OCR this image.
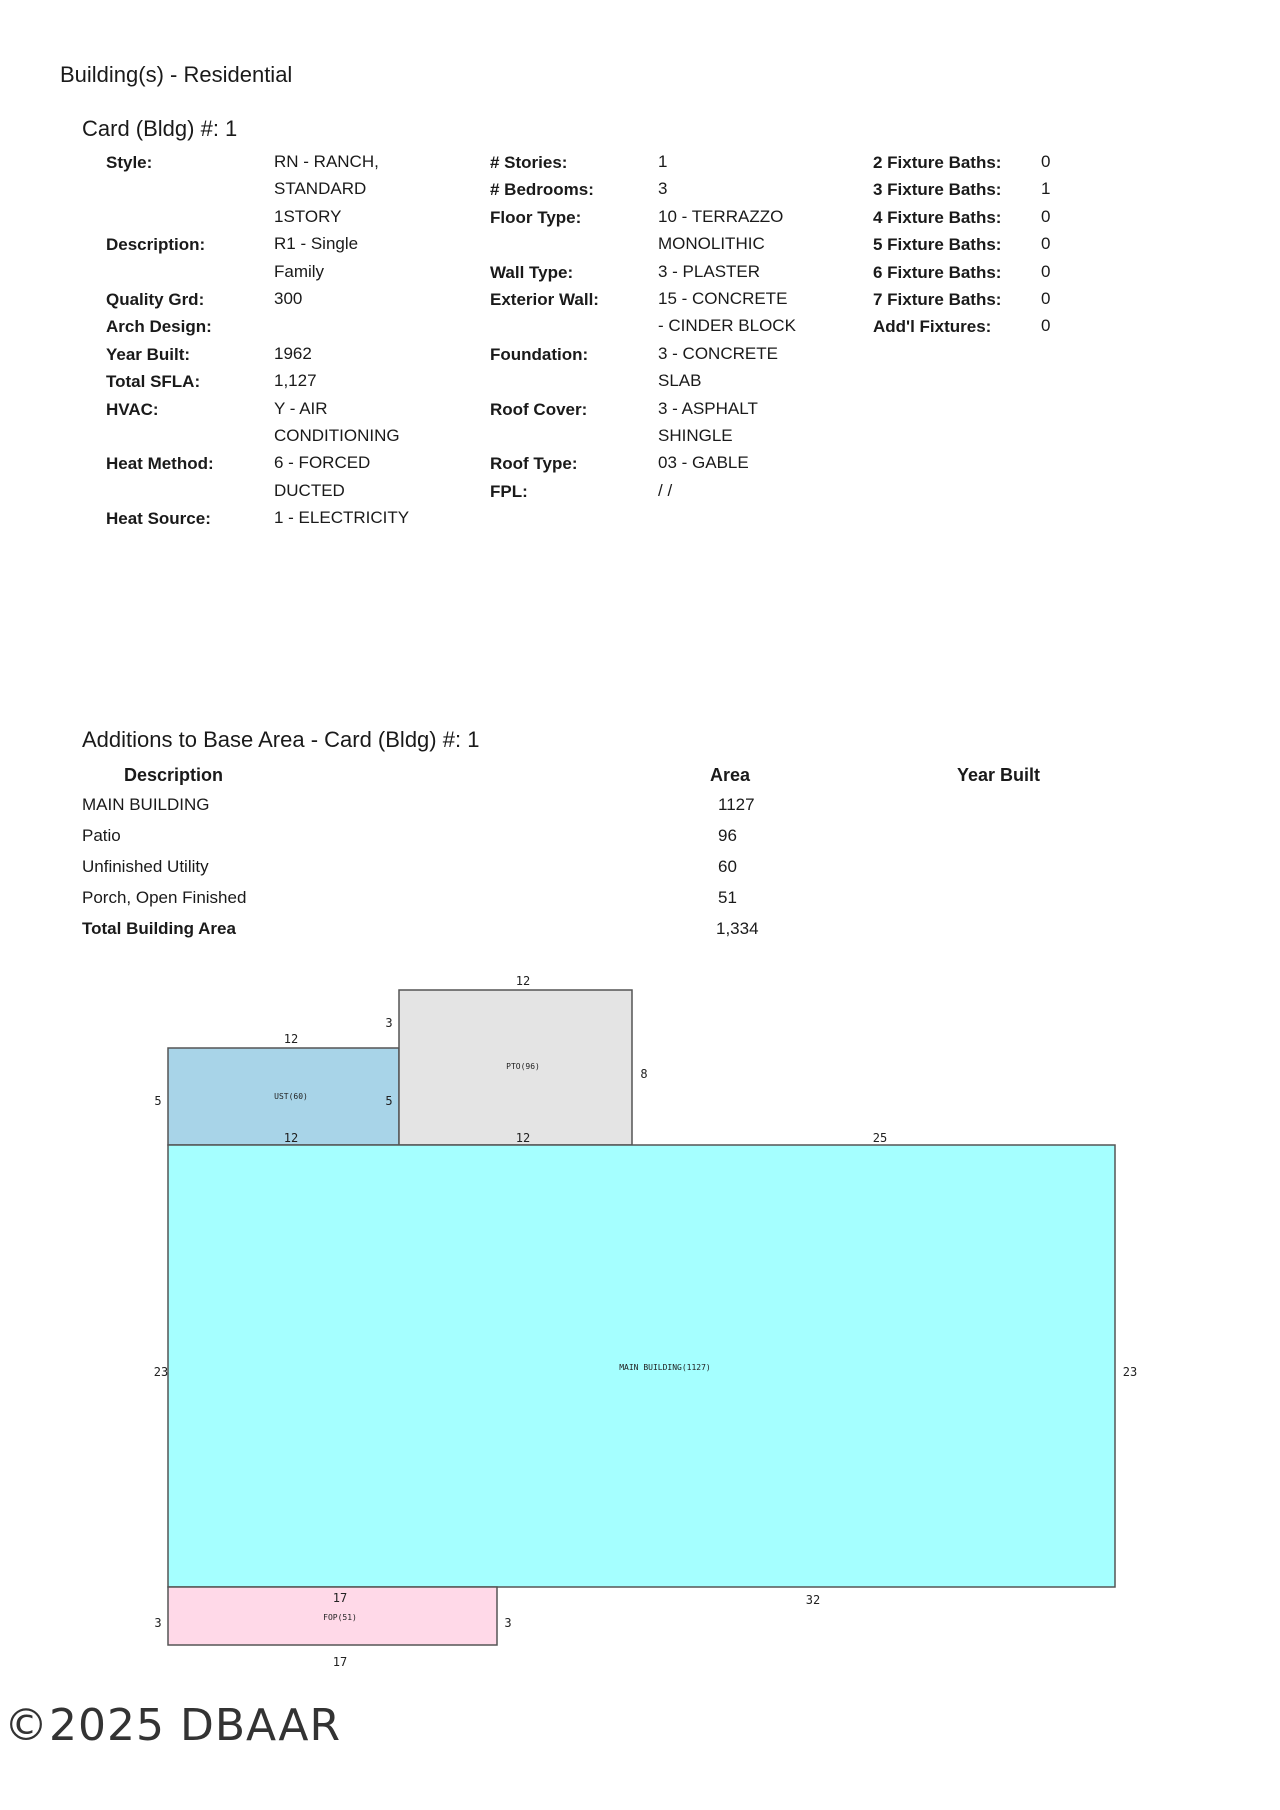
Building(s) - Residential
Card (Bldg) #: 1
Style:	RN - RANCH,
STANDARD
1STORY
Description:	R1 - Single
Family
Quality Grd:	300
Arch Design:
Year Built:	1962
Total SFLA:	1,127
HVAC:	Y - AIR
CONDITIONING
Heat Method:	6 - FORCED
DUCTED
Heat Source:	1 - ELECTRICITY
# Stories:	1
# Bedrooms:	3
Floor Type:	10 - TERRAZZO
MONOLITHIC
Wall Type:	3 - PLASTER
Exterior Wall:	15 - CONCRETE
- CINDER BLOCK
Foundation:	3 - CONCRETE
SLAB
Roof Cover:	3 - ASPHALT
SHINGLE
Roof Type:	03 - GABLE
FPL:	/ /
2 Fixture Baths: 0
3 Fixture Baths: 1
4 Fixture Baths: 0
5 Fixture Baths: 0
6 Fixture Baths: 0
7 Fixture Baths: 0
Add'l Fixtures:	0
Additions to Base Area - Card (Bldg) #: 1
Description	Area	Year Built
MAIN BUILDING	1127
Patio	96
Unfinished Utility	60
Porch, Open Finished	51
Total Building Area	1,334
UST(60)
PTO(96)
MAIN BUILDING(1127)
FOP(51)
12
5	5
12
12
3
8
12	25
23	23
32
17
3	3
17
©2025 DBAAR
